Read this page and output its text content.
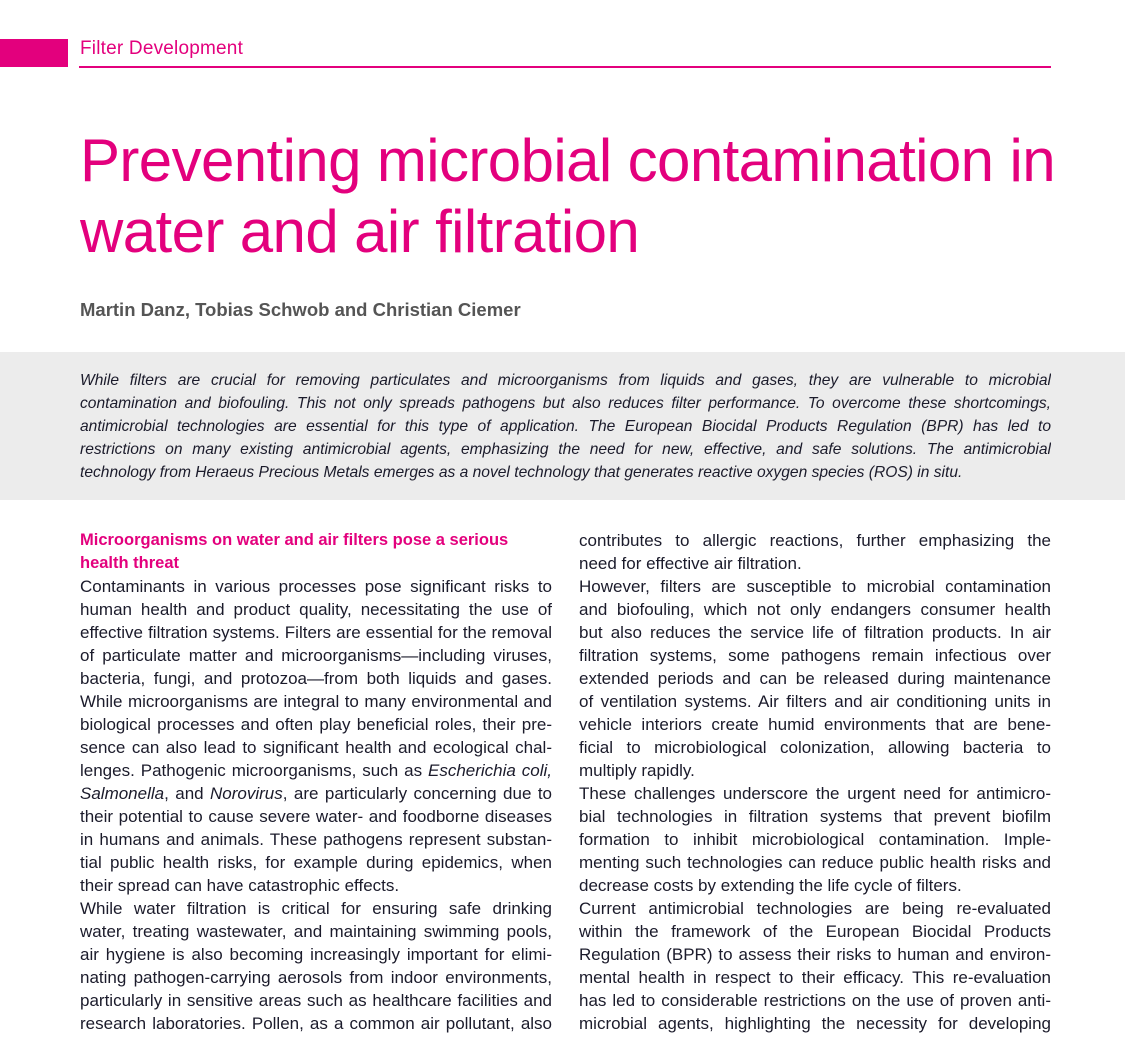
Filter Development
Preventing microbial contamination in
water and air filtration
Martin Danz, Tobias Schwob and Christian Ciemer
While filters are crucial for removing particulates and microorganisms from liquids and gases, they are vulnerable to microbial
contamination and biofouling. This not only spreads pathogens but also reduces filter performance. To overcome these shortcomings,
antimicrobial technologies are essential for this type of application. The European Biocidal Products Regulation (BPR) has led to
restrictions on many existing antimicrobial agents, emphasizing the need for new, effective, and safe solutions. The antimicrobial
technology from Heraeus Precious Metals emerges as a novel technology that generates reactive oxygen species (ROS) in situ.
Microorganisms on water and air filters pose a serious
health threat
Contaminants in various processes pose significant risks to
human health and product quality, necessitating the use of
effective filtration systems. Filters are essential for the removal
of particulate matter and microorganisms—including viruses,
bacteria, fungi, and protozoa—from both liquids and gases.
While microorganisms are integral to many environmental and
biological processes and often play beneficial roles, their pre-
sence can also lead to significant health and ecological chal-
lenges. Pathogenic microorganisms, such as Escherichia coli,
Salmonella, and Norovirus, are particularly concerning due to
their potential to cause severe water- and foodborne diseases
in humans and animals. These pathogens represent substan-
tial public health risks, for example during epidemics, when
their spread can have catastrophic effects.
While water filtration is critical for ensuring safe drinking
water, treating wastewater, and maintaining swimming pools,
air hygiene is also becoming increasingly important for elimi-
nating pathogen-carrying aerosols from indoor environments,
particularly in sensitive areas such as healthcare facilities and
research laboratories. Pollen, as a common air pollutant, also
contributes to allergic reactions, further emphasizing the
need for effective air filtration.
However, filters are susceptible to microbial contamination
and biofouling, which not only endangers consumer health
but also reduces the service life of filtration products. In air
filtration systems, some pathogens remain infectious over
extended periods and can be released during maintenance
of ventilation systems. Air filters and air conditioning units in
vehicle interiors create humid environments that are bene-
ficial to microbiological colonization, allowing bacteria to
multiply rapidly.
These challenges underscore the urgent need for antimicro-
bial technologies in filtration systems that prevent biofilm
formation to inhibit microbiological contamination. Imple-
menting such technologies can reduce public health risks and
decrease costs by extending the life cycle of filters.
Current antimicrobial technologies are being re-evaluated
within the framework of the European Biocidal Products
Regulation (BPR) to assess their risks to human and environ-
mental health in respect to their efficacy. This re-evaluation
has led to considerable restrictions on the use of proven anti-
microbial agents, highlighting the necessity for developing
